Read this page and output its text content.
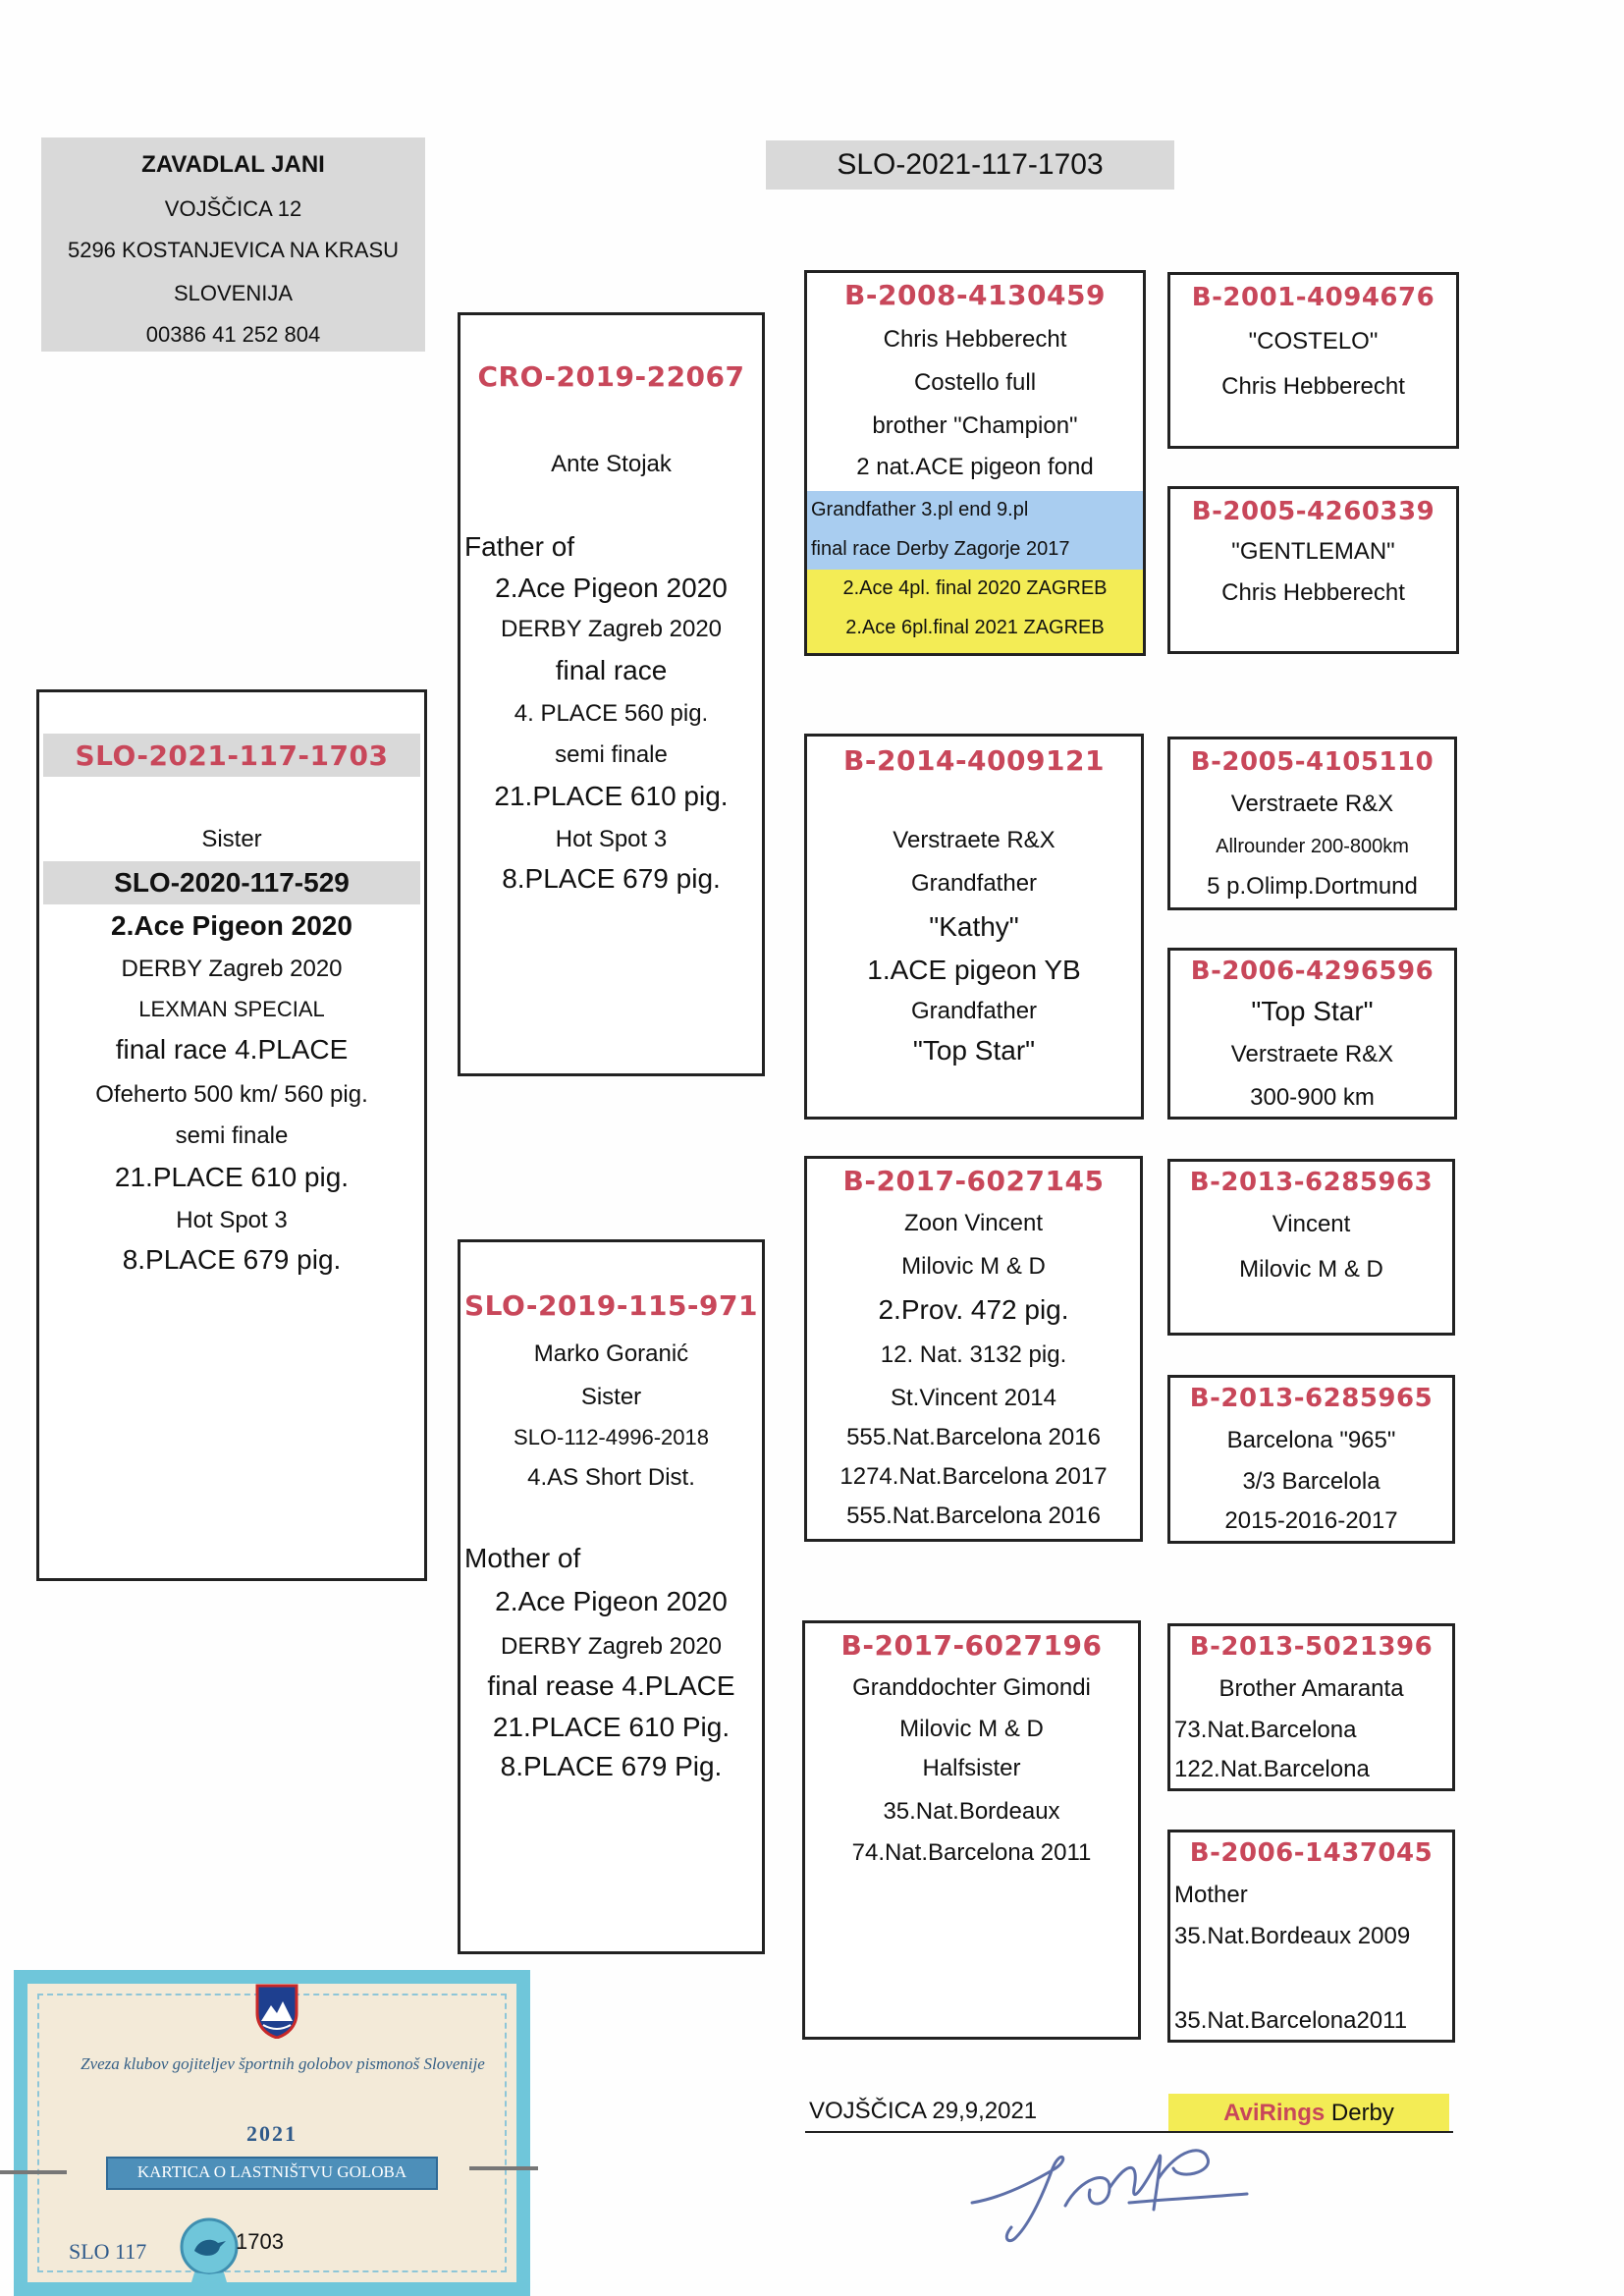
ZAVADLAL JANI
VOJŠČICA 12
5296 KOSTANJEVICA NA KRASU
SLOVENIJA
00386 41 252 804
SLO-2021-117-1703
SLO-2021-117-1703
Sister
SLO-2020-117-529
2.Ace Pigeon 2020
DERBY Zagreb 2020
LEXMAN SPECIAL
final race 4.PLACE
Ofeherto 500 km/ 560 pig.
semi finale
21.PLACE 610 pig.
Hot Spot 3
8.PLACE 679 pig.
CRO-2019-22067
Ante Stojak
Father of
2.Ace Pigeon 2020
DERBY Zagreb 2020
final race
4. PLACE 560 pig.
semi finale
21.PLACE 610 pig.
Hot Spot 3
8.PLACE 679 pig.
SLO-2019-115-971
Marko Goranić
Sister
SLO-112-4996-2018
4.AS Short Dist.
Mother of
2.Ace Pigeon 2020
DERBY Zagreb 2020
final rease 4.PLACE
21.PLACE 610 Pig.
8.PLACE 679 Pig.
B-2008-4130459
Chris Hebberecht
Costello full
brother "Champion"
2 nat.ACE pigeon fond
Grandfather 3.pl end 9.pl
final race Derby Zagorje 2017
2.Ace 4pl. final 2020 ZAGREB
2.Ace 6pl.final 2021 ZAGREB
B-2014-4009121
Verstraete R&X
Grandfather
"Kathy"
1.ACE pigeon YB
Grandfather
"Top Star"
B-2017-6027145
Zoon Vincent
Milovic M & D
2.Prov. 472 pig.
12. Nat. 3132 pig.
St.Vincent 2014
555.Nat.Barcelona 2016
1274.Nat.Barcelona 2017
555.Nat.Barcelona 2016
B-2017-6027196
Granddochter Gimondi
Milovic M & D
Halfsister
35.Nat.Bordeaux
74.Nat.Barcelona 2011
B-2001-4094676
"COSTELO"
Chris Hebberecht
B-2005-4260339
"GENTLEMAN"
Chris Hebberecht
B-2005-4105110
Verstraete R&X
Allrounder 200-800km
5 p.Olimp.Dortmund
B-2006-4296596
"Top Star"
Verstraete R&X
300-900 km
B-2013-6285963
Vincent
Milovic M & D
B-2013-6285965
Barcelona "965"
3/3 Barcelola
2015-2016-2017
B-2013-5021396
Brother Amaranta
73.Nat.Barcelona
122.Nat.Barcelona
B-2006-1437045
Mother
35.Nat.Bordeaux 2009
35.Nat.Barcelona2011
VOJŠČICA 29,9,2021	AviRings Derby
Zveza klubov gojiteljev športnih golobov pismonoš Slovenije
2021
KARTICA O LASTNIŠTVU GOLOBA
SLO 117	1703
